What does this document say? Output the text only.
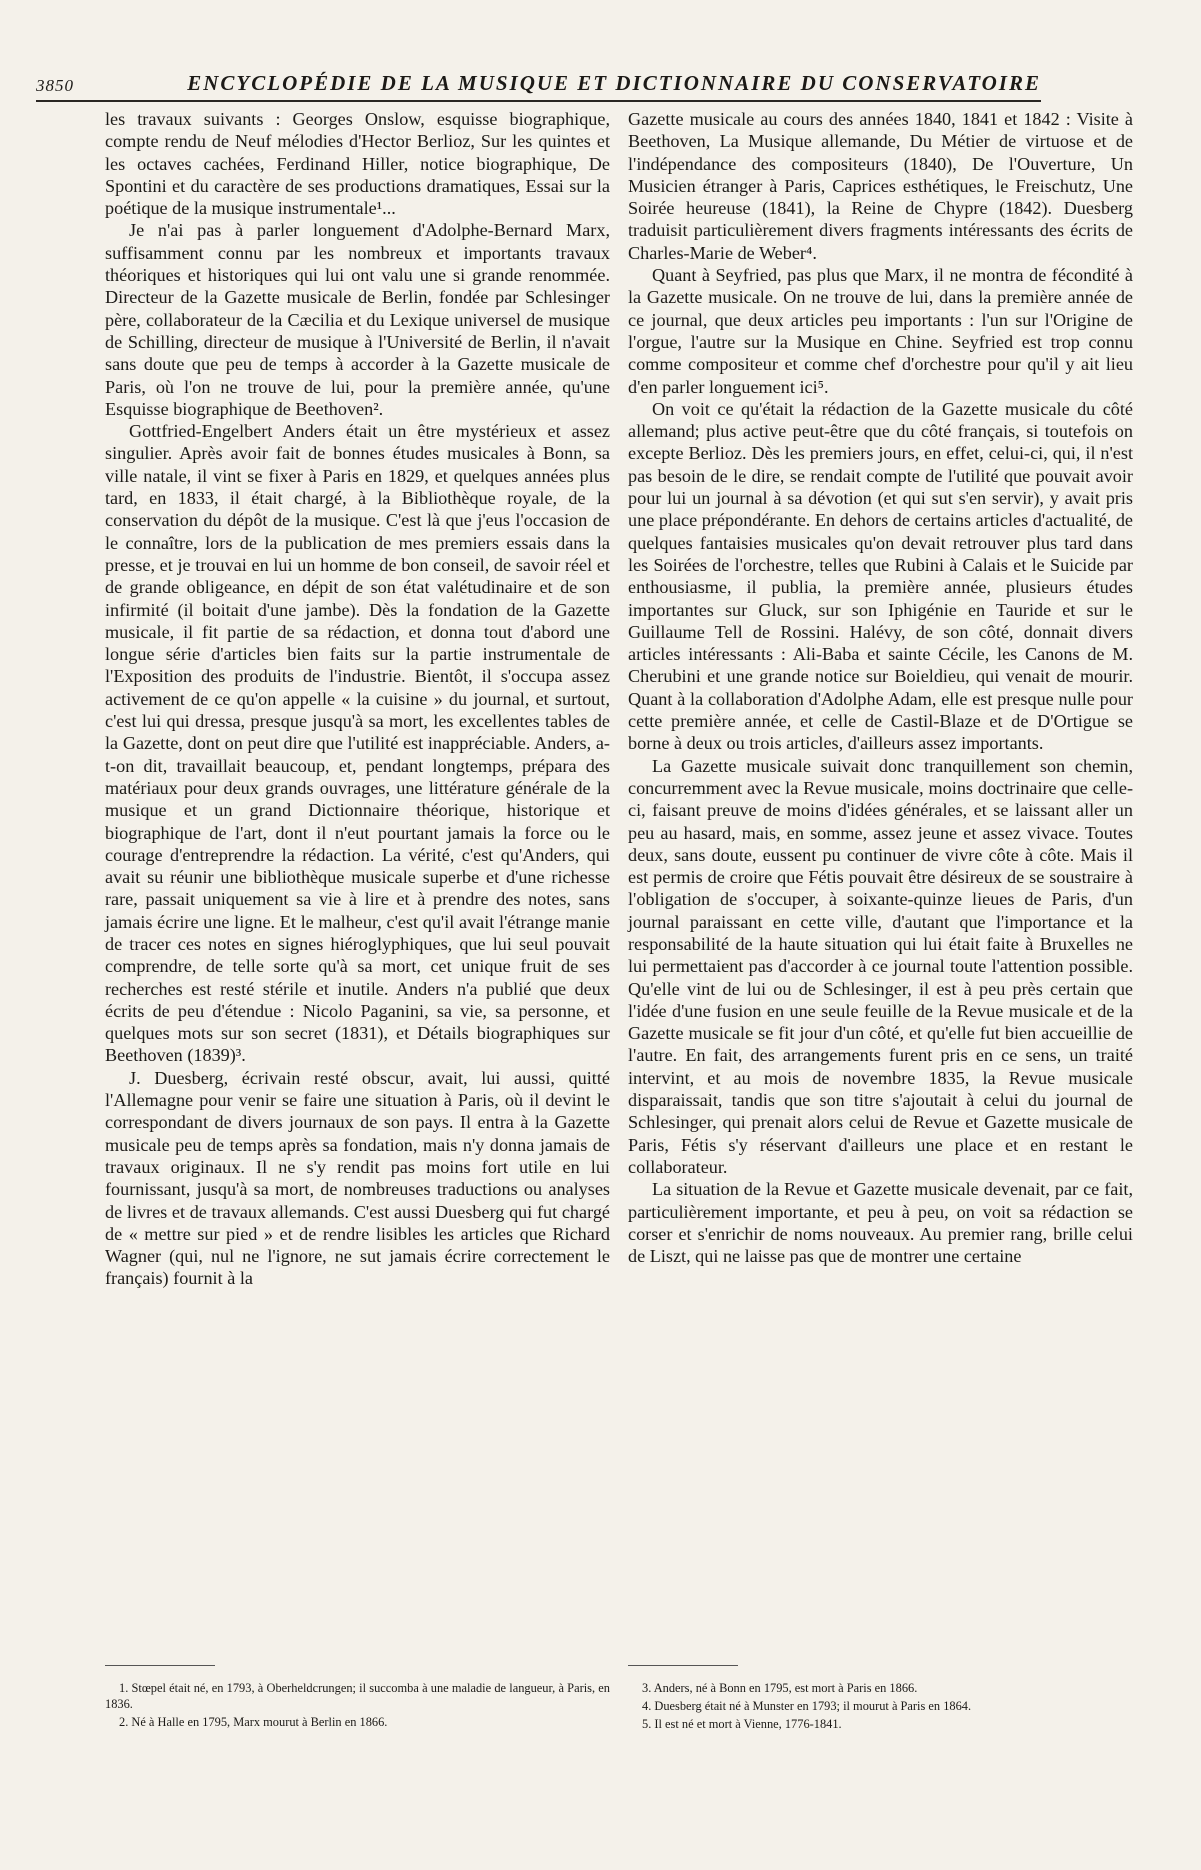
3850	ENCYCLOPÉDIE DE LA MUSIQUE ET DICTIONNAIRE DU CONSERVATOIRE

les travaux suivants : Georges Onslow, esquisse biographique, compte rendu de Neuf mélodies d'Hector Berlioz, Sur les quintes et les octaves cachées, Ferdinand Hiller, notice biographique, De Spontini et du caractère de ses productions dramatiques, Essai sur la poétique de la musique instrumentale¹...

Je n'ai pas à parler longuement d'Adolphe-Bernard Marx, suffisamment connu par les nombreux et importants travaux théoriques et historiques qui lui ont valu une si grande renommée. Directeur de la Gazette musicale de Berlin, fondée par Schlesinger père, collaborateur de la Cæcilia et du Lexique universel de musique de Schilling, directeur de musique à l'Université de Berlin, il n'avait sans doute que peu de temps à accorder à la Gazette musicale de Paris, où l'on ne trouve de lui, pour la première année, qu'une Esquisse biographique de Beethoven².

Gottfried-Engelbert Anders était un être mystérieux et assez singulier. Après avoir fait de bonnes études musicales à Bonn, sa ville natale, il vint se fixer à Paris en 1829, et quelques années plus tard, en 1833, il était chargé, à la Bibliothèque royale, de la conservation du dépôt de la musique. C'est là que j'eus l'occasion de le connaître, lors de la publication de mes premiers essais dans la presse, et je trouvai en lui un homme de bon conseil, de savoir réel et de grande obligeance, en dépit de son état valétudinaire et de son infirmité (il boitait d'une jambe). Dès la fondation de la Gazette musicale, il fit partie de sa rédaction, et donna tout d'abord une longue série d'articles bien faits sur la partie instrumentale de l'Exposition des produits de l'industrie. Bientôt, il s'occupa assez activement de ce qu'on appelle « la cuisine » du journal, et surtout, c'est lui qui dressa, presque jusqu'à sa mort, les excellentes tables de la Gazette, dont on peut dire que l'utilité est inappréciable. Anders, a-t-on dit, travaillait beaucoup, et, pendant longtemps, prépara des matériaux pour deux grands ouvrages, une littérature générale de la musique et un grand Dictionnaire théorique, historique et biographique de l'art, dont il n'eut pourtant jamais la force ou le courage d'entreprendre la rédaction. La vérité, c'est qu'Anders, qui avait su réunir une bibliothèque musicale superbe et d'une richesse rare, passait uniquement sa vie à lire et à prendre des notes, sans jamais écrire une ligne. Et le malheur, c'est qu'il avait l'étrange manie de tracer ces notes en signes hiéroglyphiques, que lui seul pouvait comprendre, de telle sorte qu'à sa mort, cet unique fruit de ses recherches est resté stérile et inutile. Anders n'a publié que deux écrits de peu d'étendue : Nicolo Paganini, sa vie, sa personne, et quelques mots sur son secret (1831), et Détails biographiques sur Beethoven (1839)³.

J. Duesberg, écrivain resté obscur, avait, lui aussi, quitté l'Allemagne pour venir se faire une situation à Paris, où il devint le correspondant de divers journaux de son pays. Il entra à la Gazette musicale peu de temps après sa fondation, mais n'y donna jamais de travaux originaux. Il ne s'y rendit pas moins fort utile en lui fournissant, jusqu'à sa mort, de nombreuses traductions ou analyses de livres et de travaux allemands. C'est aussi Duesberg qui fut chargé de « mettre sur pied » et de rendre lisibles les articles que Richard Wagner (qui, nul ne l'ignore, ne sut jamais écrire correctement le français) fournit à la

Gazette musicale au cours des années 1840, 1841 et 1842 : Visite à Beethoven, La Musique allemande, Du Métier de virtuose et de l'indépendance des compositeurs (1840), De l'Ouverture, Un Musicien étranger à Paris, Caprices esthétiques, le Freischutz, Une Soirée heureuse (1841), la Reine de Chypre (1842). Duesberg traduisit particulièrement divers fragments intéressants des écrits de Charles-Marie de Weber⁴.

Quant à Seyfried, pas plus que Marx, il ne montra de fécondité à la Gazette musicale. On ne trouve de lui, dans la première année de ce journal, que deux articles peu importants : l'un sur l'Origine de l'orgue, l'autre sur la Musique en Chine. Seyfried est trop connu comme compositeur et comme chef d'orchestre pour qu'il y ait lieu d'en parler longuement ici⁵.

On voit ce qu'était la rédaction de la Gazette musicale du côté allemand; plus active peut-être que du côté français, si toutefois on excepte Berlioz. Dès les premiers jours, en effet, celui-ci, qui, il n'est pas besoin de le dire, se rendait compte de l'utilité que pouvait avoir pour lui un journal à sa dévotion (et qui sut s'en servir), y avait pris une place prépondérante. En dehors de certains articles d'actualité, de quelques fantaisies musicales qu'on devait retrouver plus tard dans les Soirées de l'orchestre, telles que Rubini à Calais et le Suicide par enthousiasme, il publia, la première année, plusieurs études importantes sur Gluck, sur son Iphigénie en Tauride et sur le Guillaume Tell de Rossini. Halévy, de son côté, donnait divers articles intéressants : Ali-Baba et sainte Cécile, les Canons de M. Cherubini et une grande notice sur Boieldieu, qui venait de mourir. Quant à la collaboration d'Adolphe Adam, elle est presque nulle pour cette première année, et celle de Castil-Blaze et de D'Ortigue se borne à deux ou trois articles, d'ailleurs assez importants.

La Gazette musicale suivait donc tranquillement son chemin, concurremment avec la Revue musicale, moins doctrinaire que celle-ci, faisant preuve de moins d'idées générales, et se laissant aller un peu au hasard, mais, en somme, assez jeune et assez vivace. Toutes deux, sans doute, eussent pu continuer de vivre côte à côte. Mais il est permis de croire que Fétis pouvait être désireux de se soustraire à l'obligation de s'occuper, à soixante-quinze lieues de Paris, d'un journal paraissant en cette ville, d'autant que l'importance et la responsabilité de la haute situation qui lui était faite à Bruxelles ne lui permettaient pas d'accorder à ce journal toute l'attention possible. Qu'elle vint de lui ou de Schlesinger, il est à peu près certain que l'idée d'une fusion en une seule feuille de la Revue musicale et de la Gazette musicale se fit jour d'un côté, et qu'elle fut bien accueillie de l'autre. En fait, des arrangements furent pris en ce sens, un traité intervint, et au mois de novembre 1835, la Revue musicale disparaissait, tandis que son titre s'ajoutait à celui du journal de Schlesinger, qui prenait alors celui de Revue et Gazette musicale de Paris, Fétis s'y réservant d'ailleurs une place et en restant le collaborateur.

La situation de la Revue et Gazette musicale devenait, par ce fait, particulièrement importante, et peu à peu, on voit sa rédaction se corser et s'enrichir de noms nouveaux. Au premier rang, brille celui de Liszt, qui ne laisse pas que de montrer une certaine

1. Stœpel était né, en 1793, à Oberheldcrungen; il succomba à une maladie de langueur, à Paris, en 1836.

2. Né à Halle en 1795, Marx mourut à Berlin en 1866.

3. Anders, né à Bonn en 1795, est mort à Paris en 1866.

4. Duesberg était né à Munster en 1793; il mourut à Paris en 1864.

5. Il est né et mort à Vienne, 1776-1841.
